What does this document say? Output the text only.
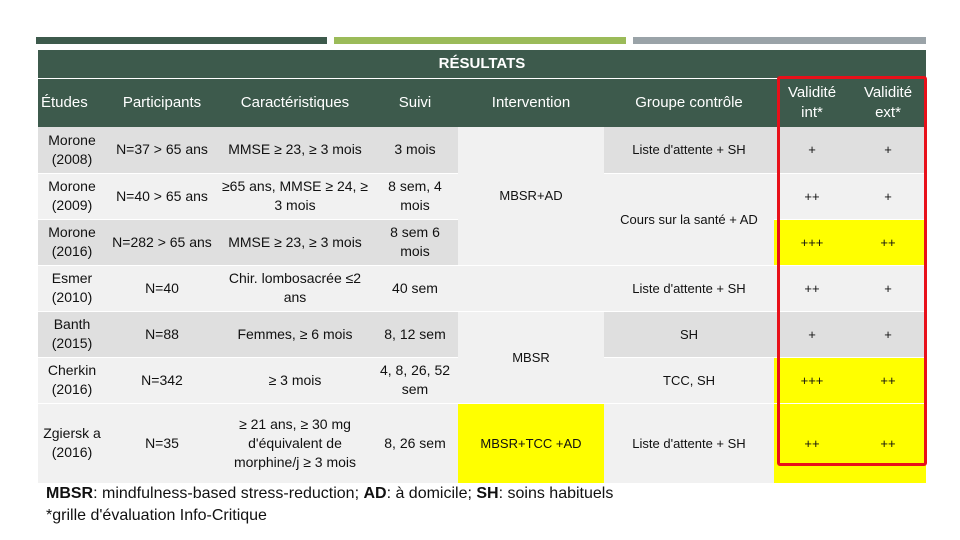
RÉSULTATS
Études	Participants	Caractéristiques	Suivi	Intervention	Groupe contrôle	Validité int*	Validité ext*
Morone (2008)	N=37 > 65 ans	MMSE ≥ 23, ≥ 3 mois	3 mois	MBSR+AD	Liste d'attente + SH	+	+
Morone (2009)	N=40 > 65 ans	≥65 ans, MMSE ≥ 24, ≥ 3 mois	8 sem, 4 mois		Cours sur la santé + AD	++	+
Morone (2016)	N=282 > 65 ans	MMSE ≥ 23, ≥ 3 mois	8 sem 6 mois			+++	++
Esmer (2010)	N=40	Chir. lombosacrée ≤2 ans	40 sem		Liste d'attente + SH	++	+
Banth (2015)	N=88	Femmes, ≥ 6 mois	8, 12 sem	MBSR	SH	+	+
Cherkin (2016)	N=342	≥ 3 mois	4, 8, 26, 52 sem		TCC, SH	+++	++
Zgiersk a (2016)	N=35	≥ 21 ans, ≥ 30 mg d'équivalent de morphine/j ≥ 3 mois	8, 26 sem	MBSR+TCC +AD	Liste d'attente + SH	++	++
MBSR: mindfulness-based stress-reduction; AD: à domicile; SH: soins habituels
*grille d'évaluation Info-Critique
